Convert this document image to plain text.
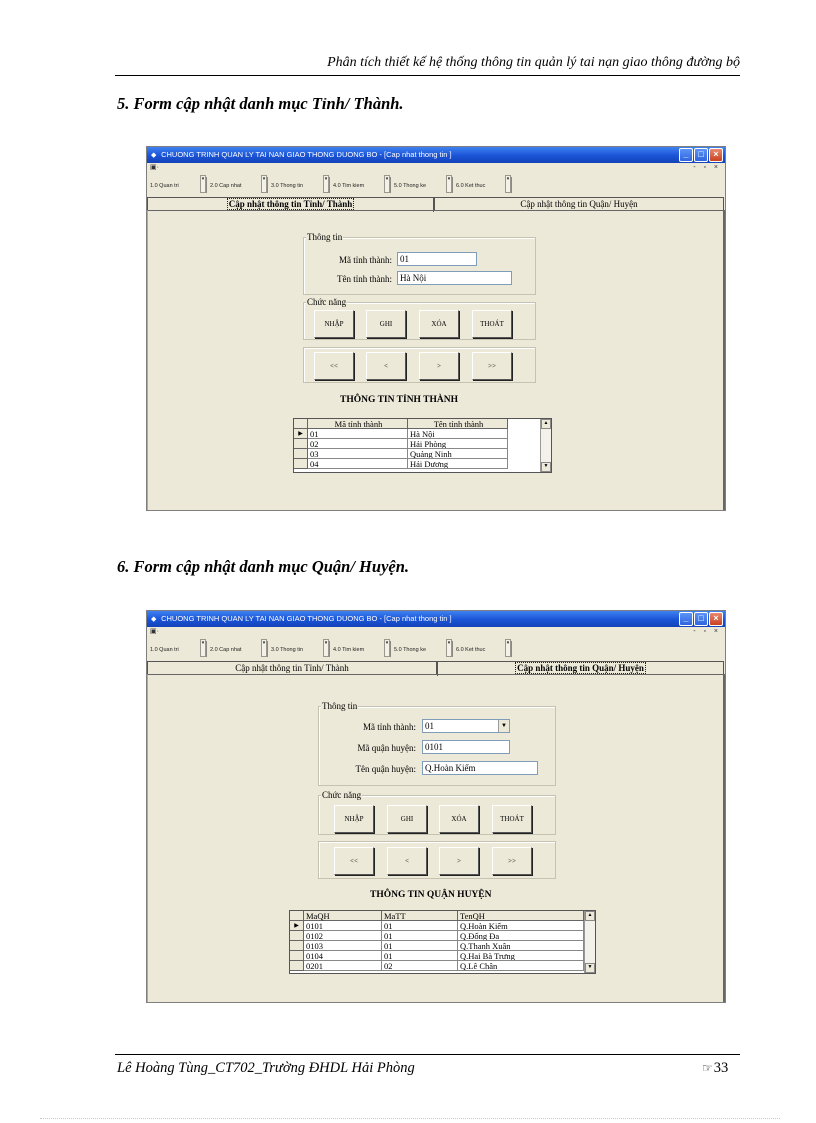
Phân tích thiết kế hệ thống thông tin quản lý tai nạn giao thông đường bộ
5. Form cập nhật danh mục Tỉnh/ Thành.
◆ CHUONG TRINH QUAN LY TAI NAN GIAO THONG DUONG BO - [Cap nhat thong tin ]	_ □ ×
▣·	- ▫ ×
1.0 Quan tri
▾
2.0 Cap nhat
▾
3.0 Thong tin
▾
4.0 Tim kiem
▾
5.0 Thong ke
▾
6.0 Ket thuc
▾
Cập nhật thông tin Tỉnh/ Thành	Cập nhật thông tin Quận/ Huyện
Thông tin
Mã tỉnh thành: 01
Tên tỉnh thành: Hà Nội
Chức năng
NHẬP	GHI	XÓA	THOÁT
<<	<	>	>>
THÔNG TIN TỈNH THÀNH
Mã tỉnh thành	Tên tỉnh thành
▶ 01	Hà Nội
02	Hải Phòng
03	Quảng Ninh
04	Hải Dương
▲
▼
6. Form cập nhật danh mục Quận/ Huyện.
◆ CHUONG TRINH QUAN LY TAI NAN GIAO THONG DUONG BO - [Cap nhat thong tin ]	_ □ ×
▣·	- ▫ ×
1.0 Quan tri
▾
2.0 Cap nhat
▾
3.0 Thong tin
▾
4.0 Tim kiem
▾
5.0 Thong ke
▾
6.0 Ket thuc
▾
Cập nhật thông tin Tỉnh/ Thành	Cập nhật thông tin Quận/ Huyện
Thông tin
Mã tỉnh thành:	01	▼
Mã quận huyện:	0101
Tên quận huyện:	Q.Hoàn Kiếm
Chức năng
NHẬP	GHI	XÓA	THOÁT
<<	<	>	>>
THÔNG TIN QUẬN HUYỆN
MaQH	MaTT	TenQH
▶ 0101	01	Q.Hoàn Kiếm
0102	01	Q.Đống Đa
0103	01	Q.Thanh Xuân
0104	01	Q.Hai Bà Trưng
0201	02	Q.Lê Chân
▲
▼
Lê Hoàng Tùng_CT702_Trường ĐHDL Hải Phòng	☞33
